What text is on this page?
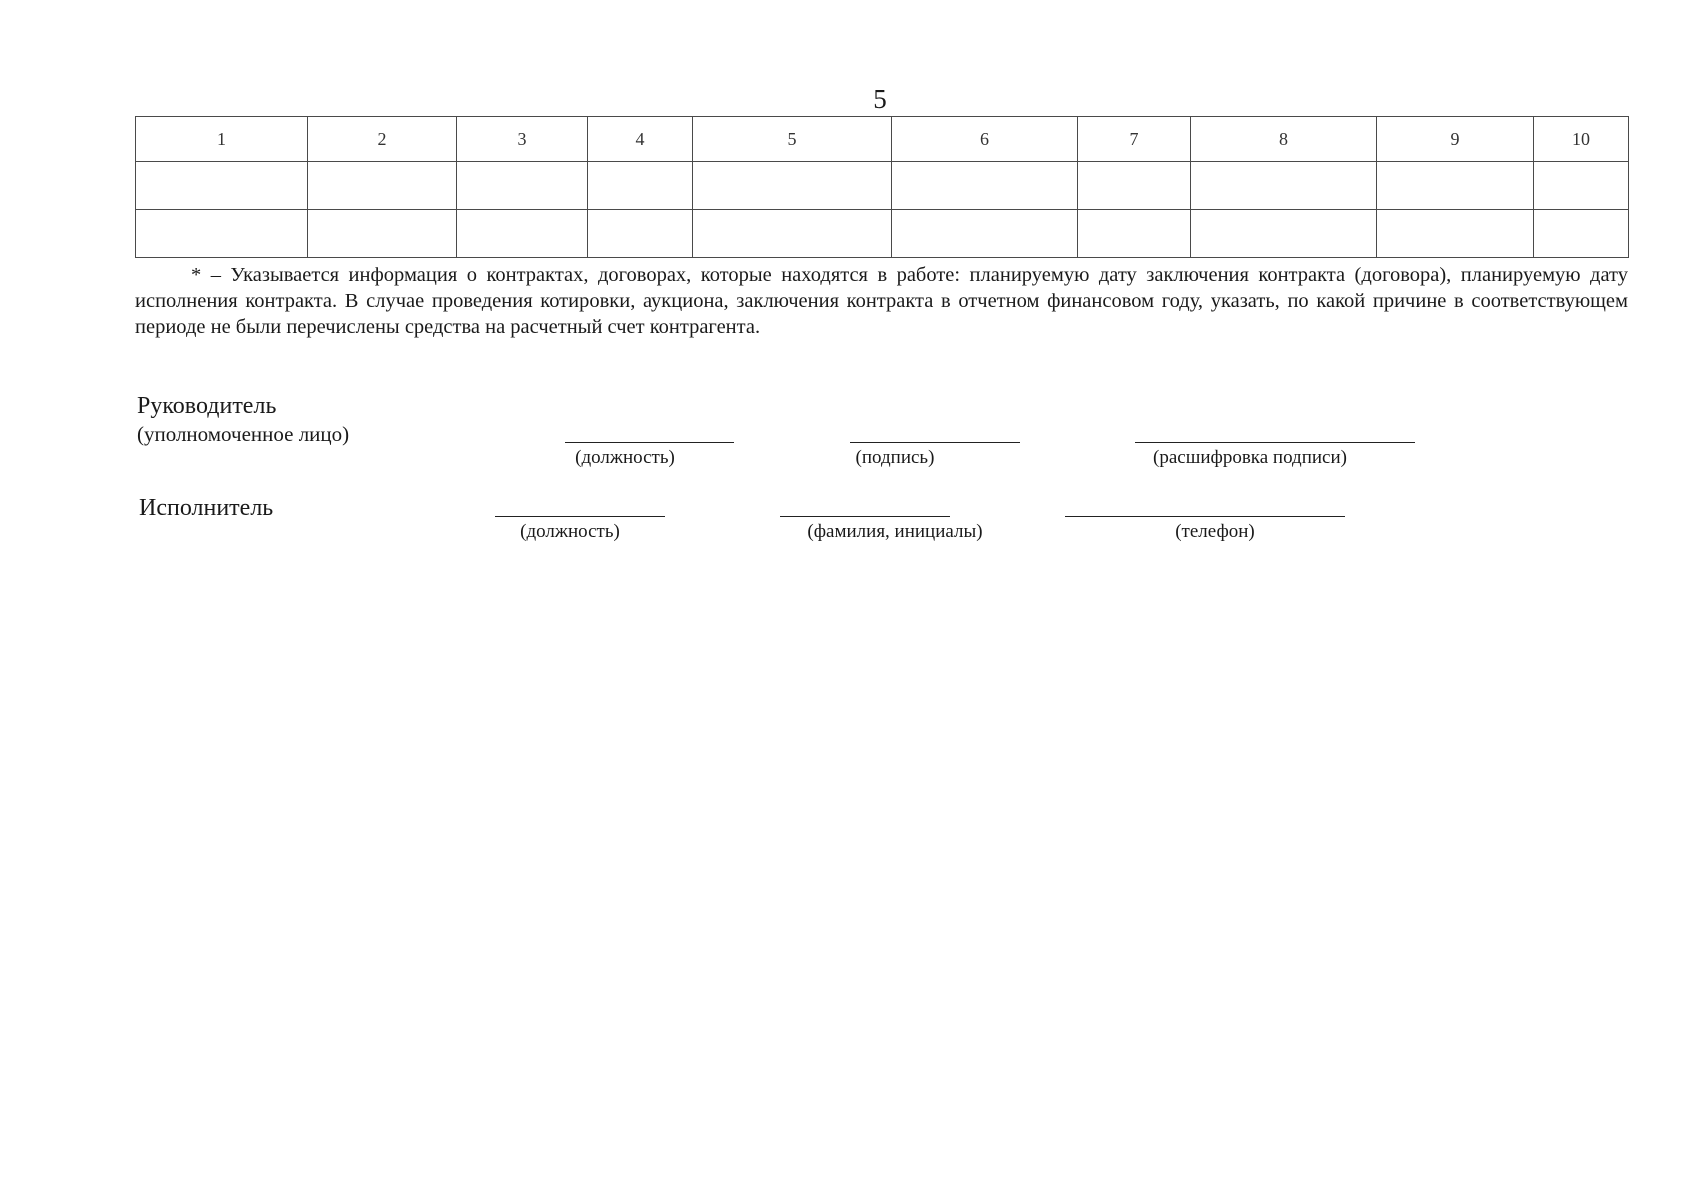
5
1	2	3	4	5	6	7	8	9	10

* – Указывается информация о контрактах, договорах, которые находятся в работе: планируемую дату заключения контракта (договора), планируемую дату исполнения контракта. В случае проведения котировки, аукциона, заключения контракта в отчетном финансовом году, указать, по какой причине в соответствующем периоде не были перечислены средства на расчетный счет контрагента.

Руководитель
(уполномоченное лицо)
(должность)	(подпись)	(расшифровка подписи)
Исполнитель
(должность)	(фамилия, инициалы)	(телефон)
